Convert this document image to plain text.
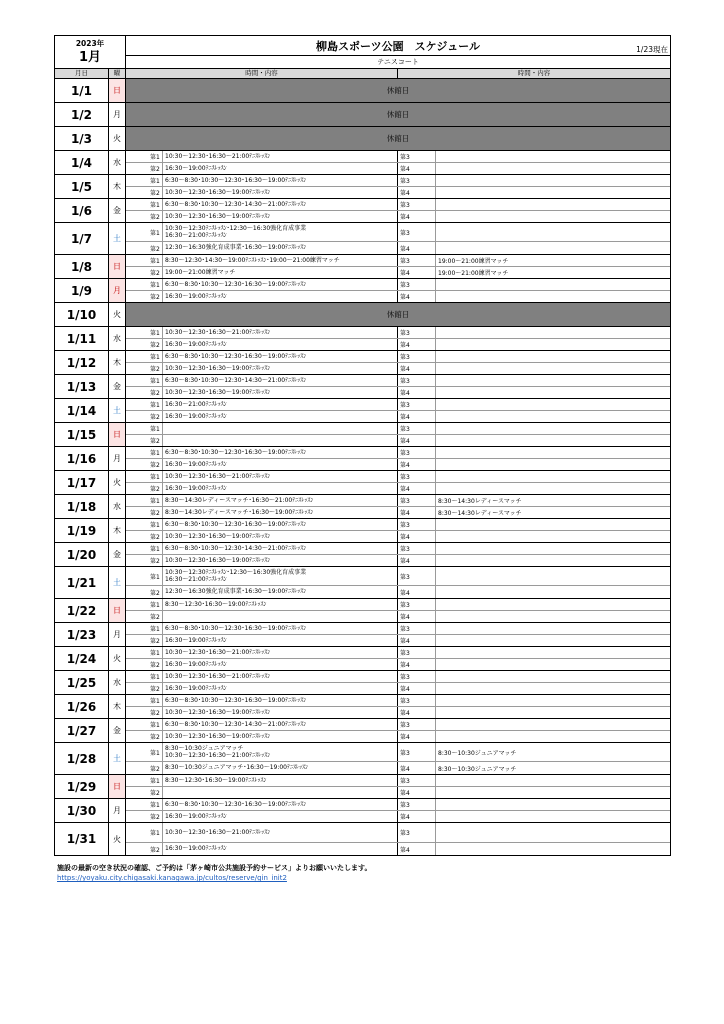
2023年
1月
柳島スポーツ公園　スケジュール	1/23現在
テニスコート
月日	曜	時間・内容	時間・内容
1/1	日	休館日
1/2	月	休館日
1/3	火	休館日
1/4	水
第1 10:30～12:30･16:30～21:00ﾃﾆｽﾚｯｽﾝ	第3
第2 16:30～19:00ﾃﾆｽﾚｯｽﾝ	第4
1/5	木
第1 6:30～8:30･10:30～12:30･16:30～19:00ﾃﾆｽﾚｯｽﾝ	第3
第2 10:30～12:30･16:30～19:00ﾃﾆｽﾚｯｽﾝ	第4
1/6	金
第1 6:30～8:30･10:30～12:30･14:30～21:00ﾃﾆｽﾚｯｽﾝ	第3
第2 10:30～12:30･16:30～19:00ﾃﾆｽﾚｯｽﾝ	第4
1/7	土
第1
10:30～12:30ﾃﾆｽﾚｯｽﾝ･12:30～16:30強化育成事業
16:30～21:00ﾃﾆｽﾚｯｽﾝ	第3
第2 12:30～16:30強化育成事業･16:30～19:00ﾃﾆｽﾚｯｽﾝ	第4
1/8	日
第1 8:30～12:30･14:30～19:00ﾃﾆｽﾚｯｽﾝ･19:00～21:00練習マッチ	第3	19:00～21:00練習マッチ
第2 19:00～21:00練習マッチ	第4	19:00～21:00練習マッチ
1/9	月
第1 6:30～8:30･10:30～12:30･16:30～19:00ﾃﾆｽﾚｯｽﾝ	第3
第2 16:30～19:00ﾃﾆｽﾚｯｽﾝ	第4
1/10	火	休館日
1/11	水
第1 10:30～12:30･16:30～21:00ﾃﾆｽﾚｯｽﾝ	第3
第2 16:30～19:00ﾃﾆｽﾚｯｽﾝ	第4
1/12	木
第1 6:30～8:30･10:30～12:30･16:30～19:00ﾃﾆｽﾚｯｽﾝ	第3
第2 10:30～12:30･16:30～19:00ﾃﾆｽﾚｯｽﾝ	第4
1/13	金
第1 6:30～8:30･10:30～12:30･14:30～21:00ﾃﾆｽﾚｯｽﾝ	第3
第2 10:30～12:30･16:30～19:00ﾃﾆｽﾚｯｽﾝ	第4
1/14	土
第1 16:30～21:00ﾃﾆｽﾚｯｽﾝ	第3
第2 16:30～19:00ﾃﾆｽﾚｯｽﾝ	第4
1/15	日
第1	第3
第2	第4
1/16	月
第1 6:30～8:30･10:30～12:30･16:30～19:00ﾃﾆｽﾚｯｽﾝ	第3
第2 16:30～19:00ﾃﾆｽﾚｯｽﾝ	第4
1/17	火
第1 10:30～12:30･16:30～21:00ﾃﾆｽﾚｯｽﾝ	第3
第2 16:30～19:00ﾃﾆｽﾚｯｽﾝ	第4
1/18	水
第1 8:30～14:30レディースマッチ･16:30～21:00ﾃﾆｽﾚｯｽﾝ	第3	8:30～14:30レディースマッチ
第2 8:30～14:30レディースマッチ･16:30～19:00ﾃﾆｽﾚｯｽﾝ	第4	8:30～14:30レディースマッチ
1/19	木
第1 6:30～8:30･10:30～12:30･16:30～19:00ﾃﾆｽﾚｯｽﾝ	第3
第2 10:30～12:30･16:30～19:00ﾃﾆｽﾚｯｽﾝ	第4
1/20	金
第1 6:30～8:30･10:30～12:30･14:30～21:00ﾃﾆｽﾚｯｽﾝ	第3
第2 10:30～12:30･16:30～19:00ﾃﾆｽﾚｯｽﾝ	第4
1/21	土
第1
10:30～12:30ﾃﾆｽﾚｯｽﾝ･12:30～16:30強化育成事業
16:30～21:00ﾃﾆｽﾚｯｽﾝ	第3
第2 12:30～16:30強化育成事業･16:30～19:00ﾃﾆｽﾚｯｽﾝ	第4
1/22	日
第1 8:30～12:30･16:30～19:00ﾃﾆｽﾚｯｽﾝ	第3
第2	第4
1/23	月
第1 6:30～8:30･10:30～12:30･16:30～19:00ﾃﾆｽﾚｯｽﾝ	第3
第2 16:30～19:00ﾃﾆｽﾚｯｽﾝ	第4
1/24	火
第1 10:30～12:30･16:30～21:00ﾃﾆｽﾚｯｽﾝ	第3
第2 16:30～19:00ﾃﾆｽﾚｯｽﾝ	第4
1/25	水
第1 10:30～12:30･16:30～21:00ﾃﾆｽﾚｯｽﾝ	第3
第2 16:30～19:00ﾃﾆｽﾚｯｽﾝ	第4
1/26	木
第1 6:30～8:30･10:30～12:30･16:30～19:00ﾃﾆｽﾚｯｽﾝ	第3
第2 10:30～12:30･16:30～19:00ﾃﾆｽﾚｯｽﾝ	第4
1/27	金
第1 6:30～8:30･10:30～12:30･14:30～21:00ﾃﾆｽﾚｯｽﾝ	第3
第2 10:30～12:30･16:30～19:00ﾃﾆｽﾚｯｽﾝ	第4
1/28	土
第1
8:30～10:30ジュニアマッチ
10:30～12:30･16:30～21:00ﾃﾆｽﾚｯｽﾝ	第3	8:30～10:30ジュニアマッチ
第2 8:30～10:30ジュニアマッチ･16:30～19:00ﾃﾆｽﾚｯｽﾝ	第4	8:30～10:30ジュニアマッチ
1/29	日
第1 8:30～12:30･16:30～19:00ﾃﾆｽﾚｯｽﾝ	第3
第2	第4
1/30	月
第1 6:30～8:30･10:30～12:30･16:30～19:00ﾃﾆｽﾚｯｽﾝ	第3
第2 16:30～19:00ﾃﾆｽﾚｯｽﾝ	第4
1/31	火
第1 10:30～12:30･16:30～21:00ﾃﾆｽﾚｯｽﾝ	第3
第2 16:30～19:00ﾃﾆｽﾚｯｽﾝ	第4
施設の最新の空き状況の確認、ご予約は「茅ヶ崎市公共施設予約サービス」よりお願いいたします。
https://yoyaku.city.chigasaki.kanagawa.jp/cultos/reserve/gin_init2
